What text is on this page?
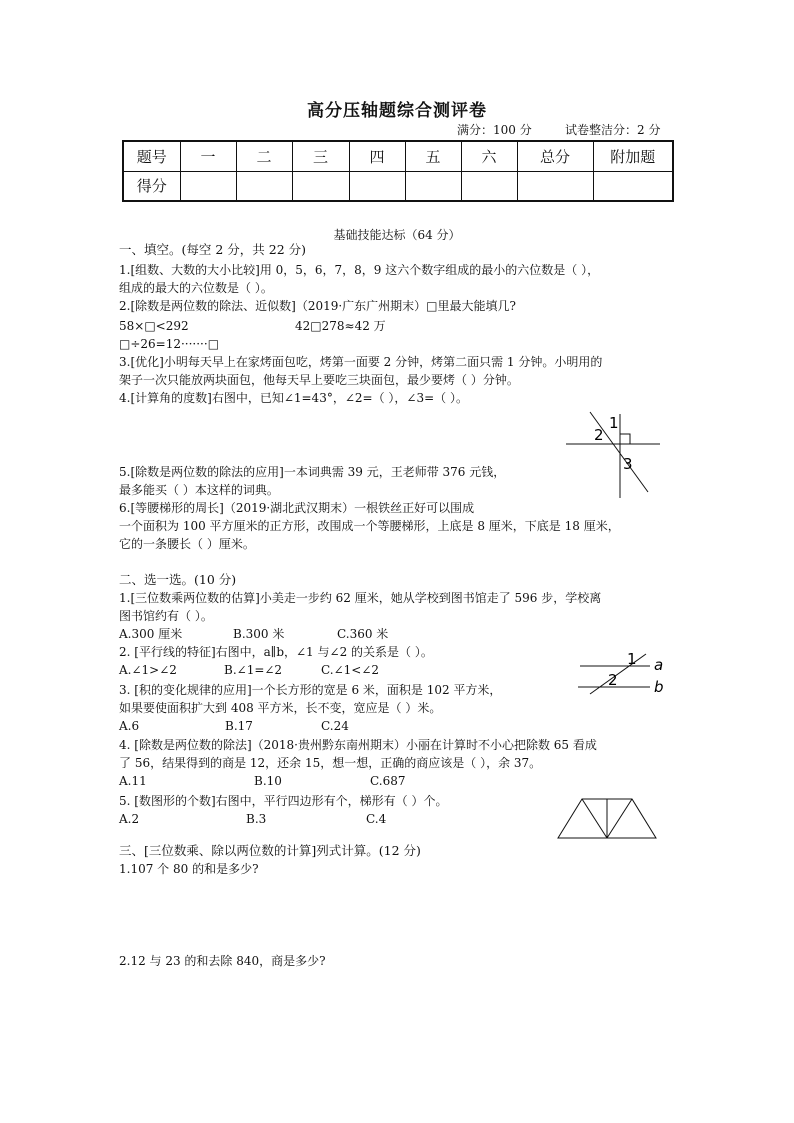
高分压轴题综合测评卷
满分：100 分	试卷整洁分：2 分
题号	一	二	三	四	五	六	总分	附加题
得分								
基础技能达标（64 分）
一、填空。(每空 2 分，共 22 分)
1.[组数、大数的大小比较]用 0，5，6，7，8，9 这六个数字组成的最小的六位数是（ ），
组成的最大的六位数是（ ）。
2.[除数是两位数的除法、近似数]（2019·广东广州期末）□里最大能填几?
58×□<292	42□278≈42 万
□÷26=12·······□
3.[优化]小明每天早上在家烤面包吃，烤第一面要 2 分钟，烤第二面只需 1 分钟。小明用的
架子一次只能放两块面包，他每天早上要吃三块面包，最少要烤（ ）分钟。
4.[计算角的度数]右图中，已知∠1=43°，∠2=（ ），∠3=（ ）。
1
2
3
5.[除数是两位数的除法的应用]一本词典需 39 元，王老师带 376 元钱，
最多能买（ ）本这样的词典。
6.[等腰梯形的周长]（2019·湖北武汉期末）一根铁丝正好可以围成
一个面积为 100 平方厘米的正方形，改围成一个等腰梯形，上底是 8 厘米，下底是 18 厘米，
它的一条腰长（ ）厘米。
二、选一选。(10 分)
1.[三位数乘两位数的估算]小美走一步约 62 厘米，她从学校到图书馆走了 596 步，学校离
图书馆约有（ ）。
A.300 厘米	B.300 米	C.360 米
2. [平行线的特征]右图中，a∥b，∠1 与∠2 的关系是（ ）。
A.∠1>∠2	B.∠1=∠2	C.∠1<∠2
1
2
a
b
3. [积的变化规律的应用]一个长方形的宽是 6 米，面积是 102 平方米，
如果要使面积扩大到 408 平方米，长不变，宽应是（ ）米。
A.6	B.17	C.24
4. [除数是两位数的除法]（2018·贵州黔东南州期末）小丽在计算时不小心把除数 65 看成
了 56，结果得到的商是 12，还余 15，想一想，正确的商应该是（ ），余 37。
A.11	B.10	C.687
5. [数图形的个数]右图中，平行四边形有个，梯形有（ ）个。
A.2	B.3	C.4
三、[三位数乘、除以两位数的计算]列式计算。(12 分)
1.107 个 80 的和是多少?
2.12 与 23 的和去除 840，商是多少?
